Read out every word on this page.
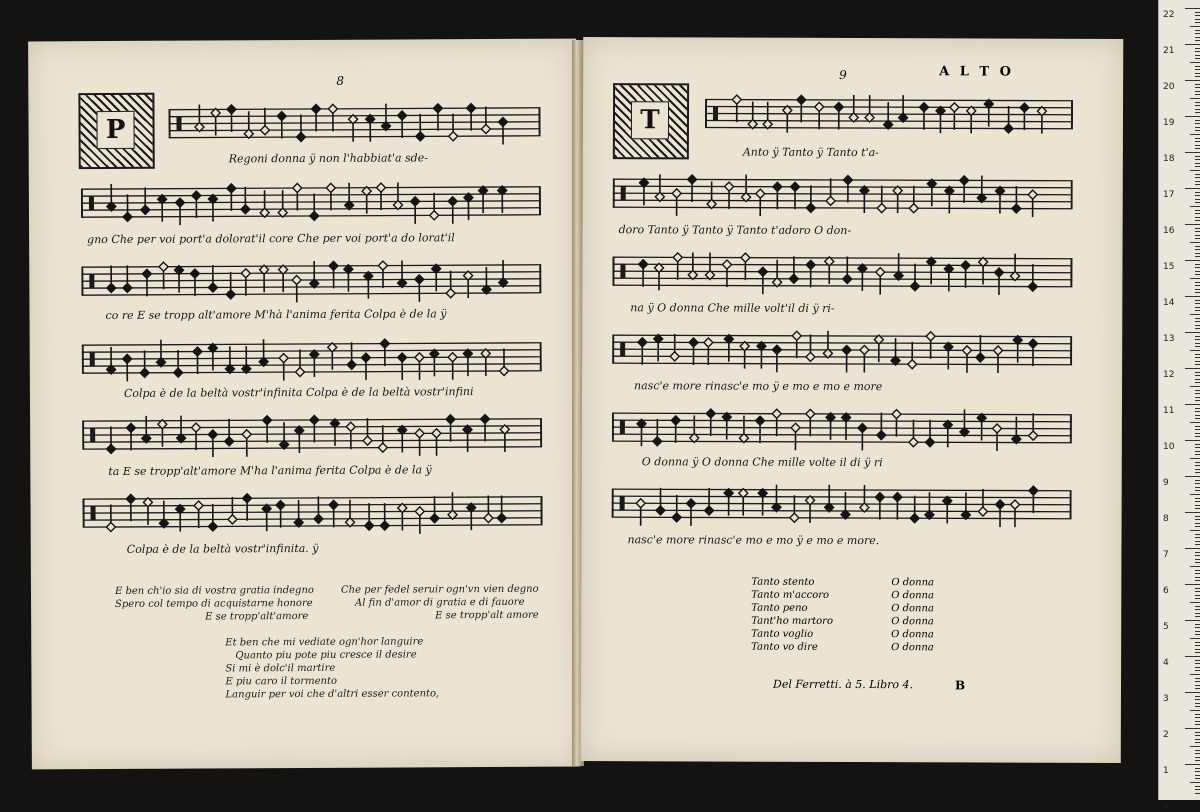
22
21
20
19
18
17
16
15
14
13
12
11
10
9
8
7
6
5
4
3
2
1
0
P
8
Regoni donna ÿ non l'habbiat'a sde-
gno Che per voi port'a dolorat'il core Che per voi port'a do lorat'il
co re E se tropp alt'amore M'hà l'anima ferita Colpa è de la ÿ
Colpa è de la beltà vostr'infinita Colpa è de la beltà vostr'infini
ta E se tropp'alt'amore M'ha l'anima ferita Colpa è de la ÿ
Colpa è de la beltà vostr'infinita. ÿ
E ben ch'io sia di vostra gratia indegno
Spero col tempo di acquistarne honore
E se tropp'alt'amore
Che per fedel seruir ogn'vn vien degno
Al fin d'amor di gratia e di fauore
E se tropp'alt amore
Et ben che mi vediate ogn'hor languire
Quanto piu pote piu cresce il desire
Si mi è dolc'il martire
E piu caro il tormento
Languir per voi che d'altri esser contento,
T
9	A L T O
Anto ÿ Tanto ÿ Tanto t'a-
doro Tanto ÿ Tanto ÿ Tanto t'adoro O don-
na ÿ O donna Che mille volt'il di ÿ ri-
nasc'e more rinasc'e mo ÿ e mo e mo e more
O donna ÿ O donna Che mille volte il di ÿ ri
nasc'e more rinasc'e mo e mo ÿ e mo e more.
Tanto stento
Tanto m'accoro
Tanto peno
Tant'ho martoro
Tanto voglio
Tanto vo dire
O donna
O donna
O donna
O donna
O donna
O donna
Del Ferretti. à 5. Libro 4.	B
